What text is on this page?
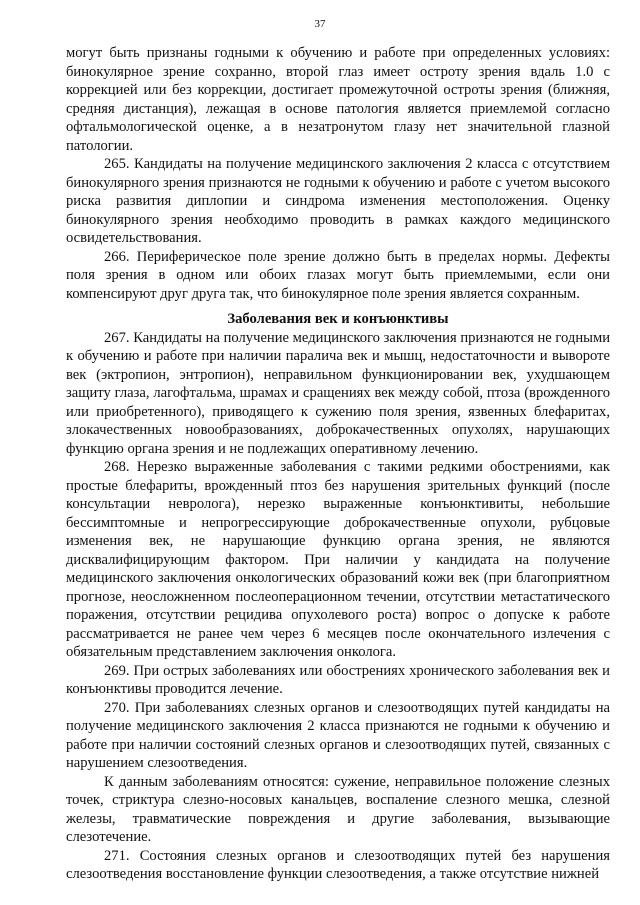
37

могут быть признаны годными к обучению и работе при определенных условиях: бинокулярное зрение сохранно, второй глаз имеет остроту зрения вдаль 1.0 с коррекцией или без коррекции, достигает промежуточной остроты зрения (ближняя, средняя дистанция), лежащая в основе патология является приемлемой согласно офтальмологической оценке, а в незатронутом глазу нет значительной глазной патологии.

265. Кандидаты на получение медицинского заключения 2 класса с отсутствием бинокулярного зрения признаются не годными к обучению и работе с учетом высокого риска развития диплопии и синдрома изменения местоположения. Оценку бинокулярного зрения необходимо проводить в рамках каждого медицинского освидетельствования.

266. Периферическое поле зрение должно быть в пределах нормы. Дефекты поля зрения в одном или обоих глазах могут быть приемлемыми, если они компенсируют друг друга так, что бинокулярное поле зрения является сохранным.

Заболевания век и конъюнктивы

267. Кандидаты на получение медицинского заключения признаются не годными к обучению и работе при наличии паралича век и мышц, недостаточности и вывороте век (эктропион, энтропион), неправильном функционировании век, ухудшающем защиту глаза, лагофтальма, шрамах и сращениях век между собой, птоза (врожденного или приобретенного), приводящего к сужению поля зрения, язвенных блефаритах, злокачественных новообразованиях, доброкачественных опухолях, нарушающих функцию органа зрения и не подлежащих оперативному лечению.

268. Нерезко выраженные заболевания с такими редкими обострениями, как простые блефариты, врожденный птоз без нарушения зрительных функций (после консультации невролога), нерезко выраженные конъюнктивиты, небольшие бессимптомные и непрогрессирующие доброкачественные опухоли, рубцовые изменения век, не нарушающие функцию органа зрения, не являются дисквалифицирующим фактором. При наличии у кандидата на получение медицинского заключения онкологических образований кожи век (при благоприятном прогнозе, неосложненном послеоперационном течении, отсутствии метастатического поражения, отсутствии рецидива опухолевого роста) вопрос о допуске к работе рассматривается не ранее чем через 6 месяцев после окончательного излечения с обязательным представлением заключения онколога.

269. При острых заболеваниях или обострениях хронического заболевания век и конъюнктивы проводится лечение.

270. При заболеваниях слезных органов и слезоотводящих путей кандидаты на получение медицинского заключения 2 класса признаются не годными к обучению и работе при наличии состояний слезных органов и слезоотводящих путей, связанных с нарушением слезоотведения.

К данным заболеваниям относятся: сужение, неправильное положение слезных точек, стриктура слезно-носовых канальцев, воспаление слезного мешка, слезной железы, травматические повреждения и другие заболевания, вызывающие слезотечение.

271. Состояния слезных органов и слезоотводящих путей без нарушения слезоотведения восстановление функции слезоотведения, а также отсутствие нижней
